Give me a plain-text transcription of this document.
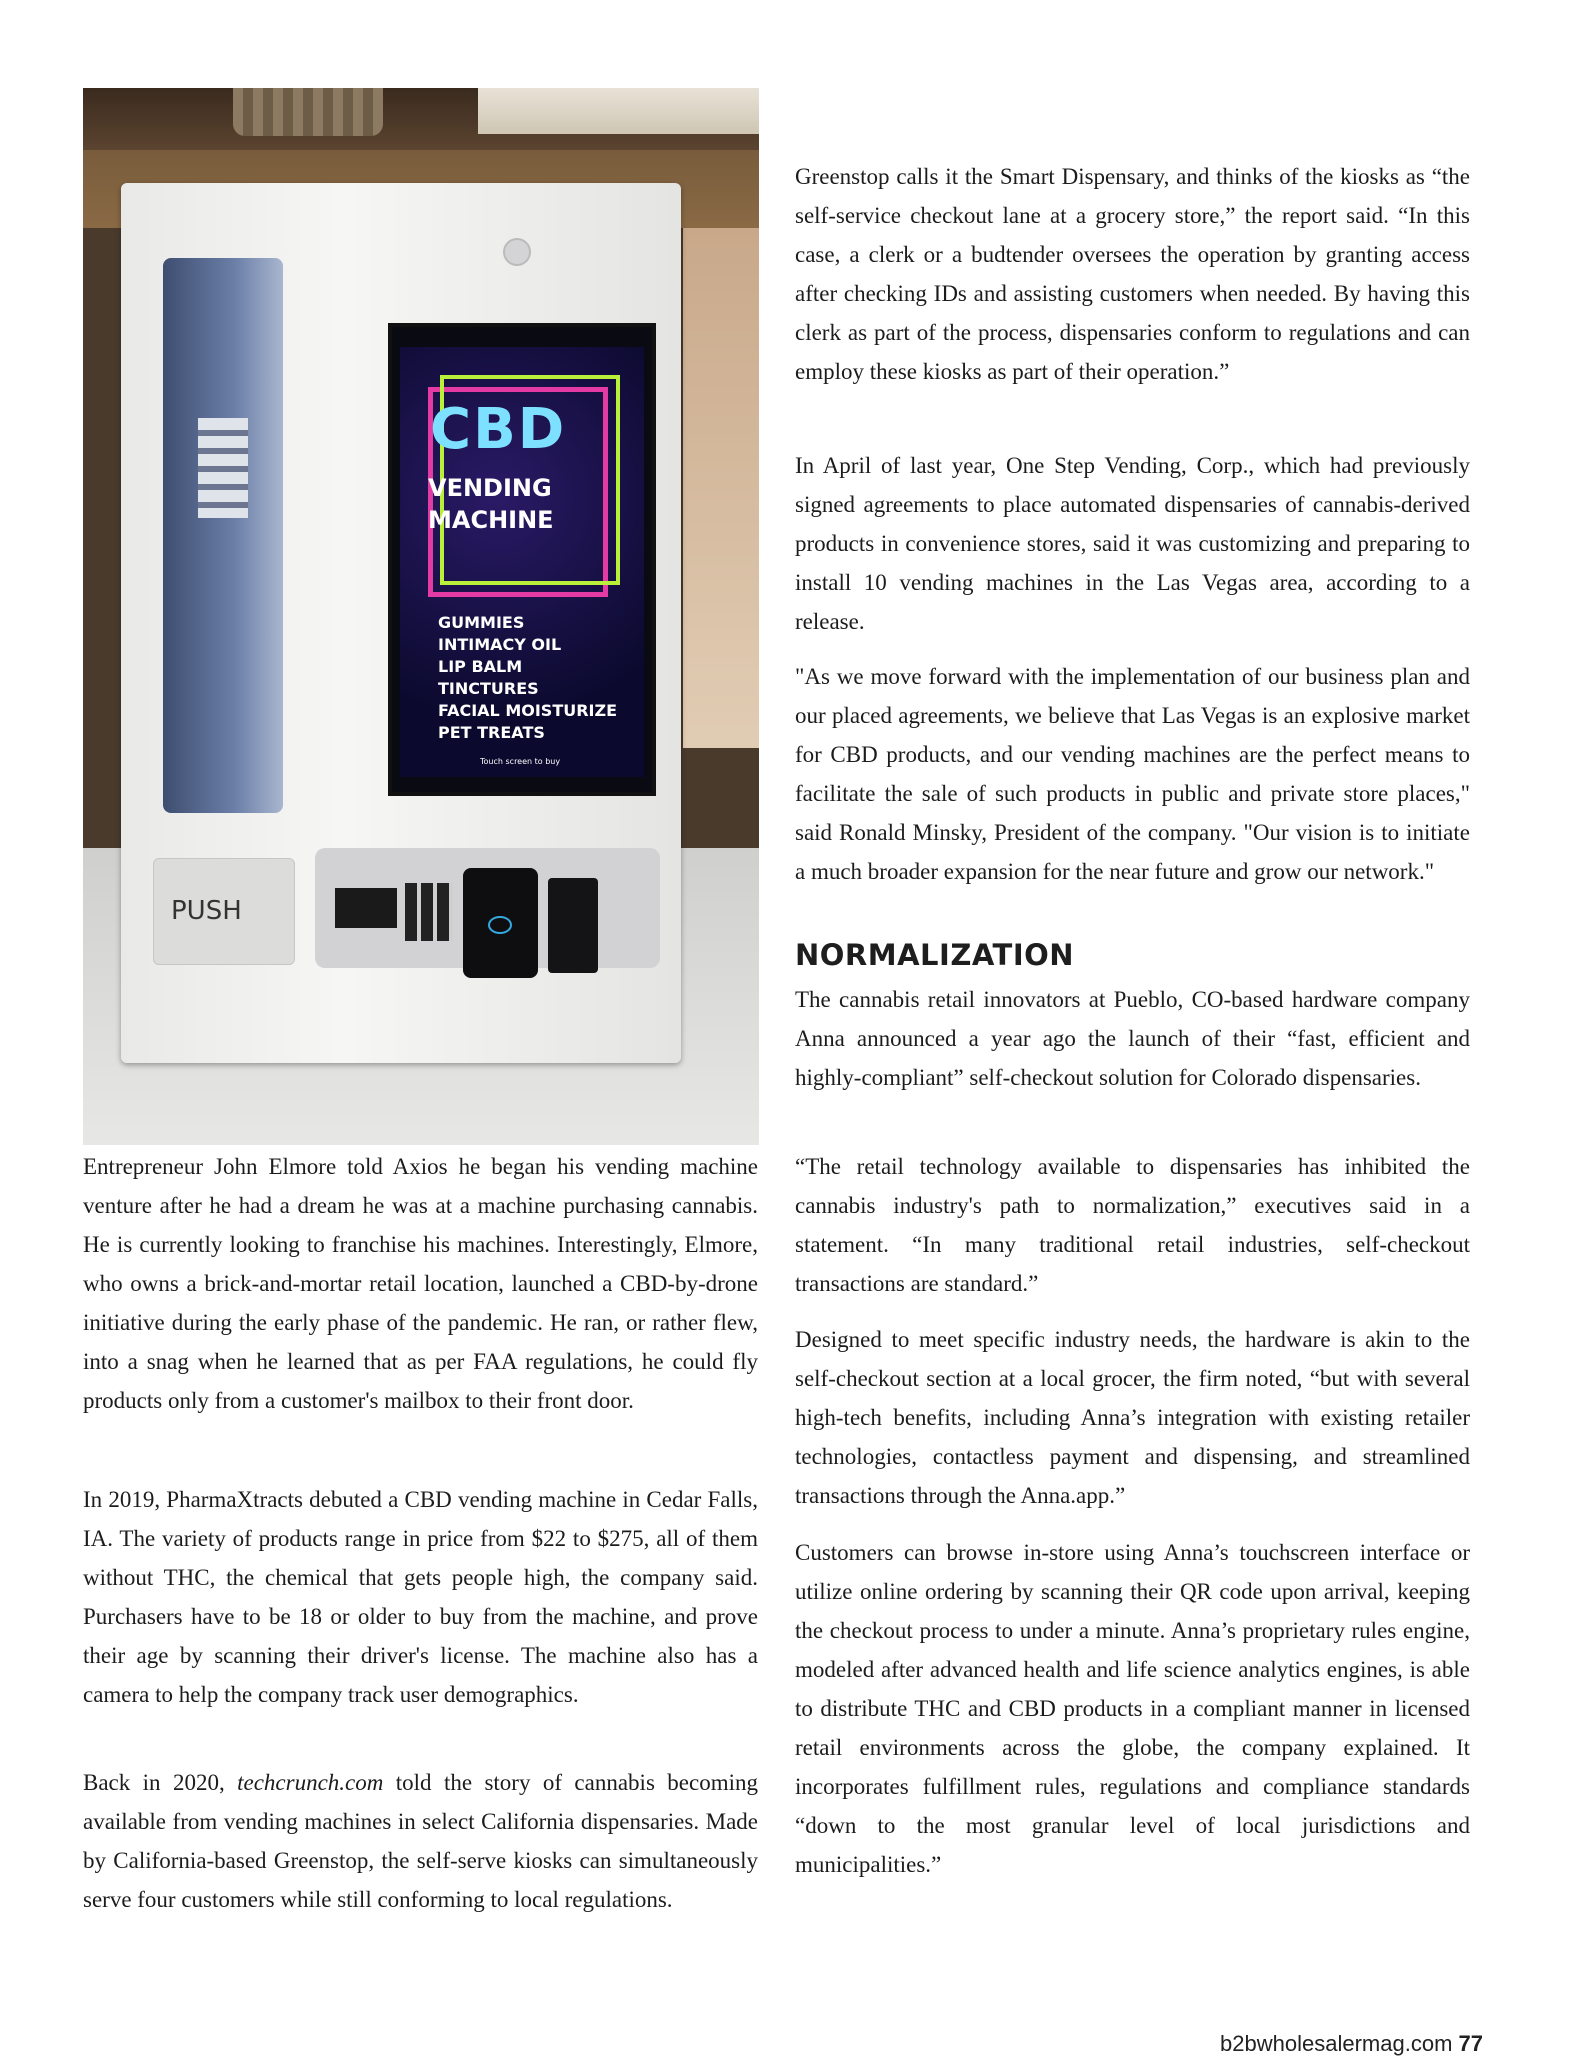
CBD
VENDING
MACHINE
GUMMIES
INTIMACY OIL
LIP BALM
TINCTURES
FACIAL MOISTURIZE
PET TREATS
Touch screen to buy
PUSH

Entrepreneur John Elmore told Axios he began his vending machine venture after he had a dream he was at a machine purchasing cannabis. He is currently looking to franchise his machines. Interestingly, Elmore, who owns a brick-and-mortar retail location, launched a CBD-by-drone initiative during the early phase of the pandemic. He ran, or rather flew, into a snag when he learned that as per FAA regulations, he could fly products only from a customer's mailbox to their front door.

In 2019, PharmaXtracts debuted a CBD vending machine in Cedar Falls, IA. The variety of products range in price from $22 to $275, all of them without THC, the chemical that gets people high, the company said. Purchasers have to be 18 or older to buy from the machine, and prove their age by scanning their driver's license. The machine also has a camera to help the company track user demographics.

Back in 2020, techcrunch.com told the story of cannabis becoming available from vending machines in select California dispensaries. Made by California-based Greenstop, the self-serve kiosks can simultaneously serve four customers while still conforming to local regulations.

Greenstop calls it the Smart Dispensary, and thinks of the kiosks as “the self-service checkout lane at a grocery store,” the report said. “In this case, a clerk or a budtender oversees the operation by granting access after checking IDs and assisting customers when needed. By having this clerk as part of the process, dispensaries conform to regulations and can employ these kiosks as part of their operation.”

In April of last year, One Step Vending, Corp., which had previously signed agreements to place automated dispensaries of cannabis-derived products in convenience stores, said it was customizing and preparing to install 10 vending machines in the Las Vegas area, according to a release.

"As we move forward with the implementation of our business plan and our placed agreements, we believe that Las Vegas is an explosive market for CBD products, and our vending machines are the perfect means to facilitate the sale of such products in public and private store places," said Ronald Minsky, President of the company. "Our vision is to initiate a much broader expansion for the near future and grow our network."

NORMALIZATION

The cannabis retail innovators at Pueblo, CO-based hardware company Anna announced a year ago the launch of their “fast, efficient and highly-compliant” self-checkout solution for Colorado dispensaries.

“The retail technology available to dispensaries has inhibited the cannabis industry's path to normalization,” executives said in a statement. “In many traditional retail industries, self-checkout transactions are standard.”

Designed to meet specific industry needs, the hardware is akin to the self-checkout section at a local grocer, the firm noted, “but with several high-tech benefits, including Anna’s integration with existing retailer technologies, contactless payment and dispensing, and streamlined transactions through the Anna.app.”

Customers can browse in-store using Anna’s touchscreen interface or utilize online ordering by scanning their QR code upon arrival, keeping the checkout process to under a minute. Anna’s proprietary rules engine, modeled after advanced health and life science analytics engines, is able to distribute THC and CBD products in a compliant manner in licensed retail environments across the globe, the company explained. It incorporates fulfillment rules, regulations and compliance standards “down to the most granular level of local jurisdictions and municipalities.”

b2bwholesalermag.com 77
